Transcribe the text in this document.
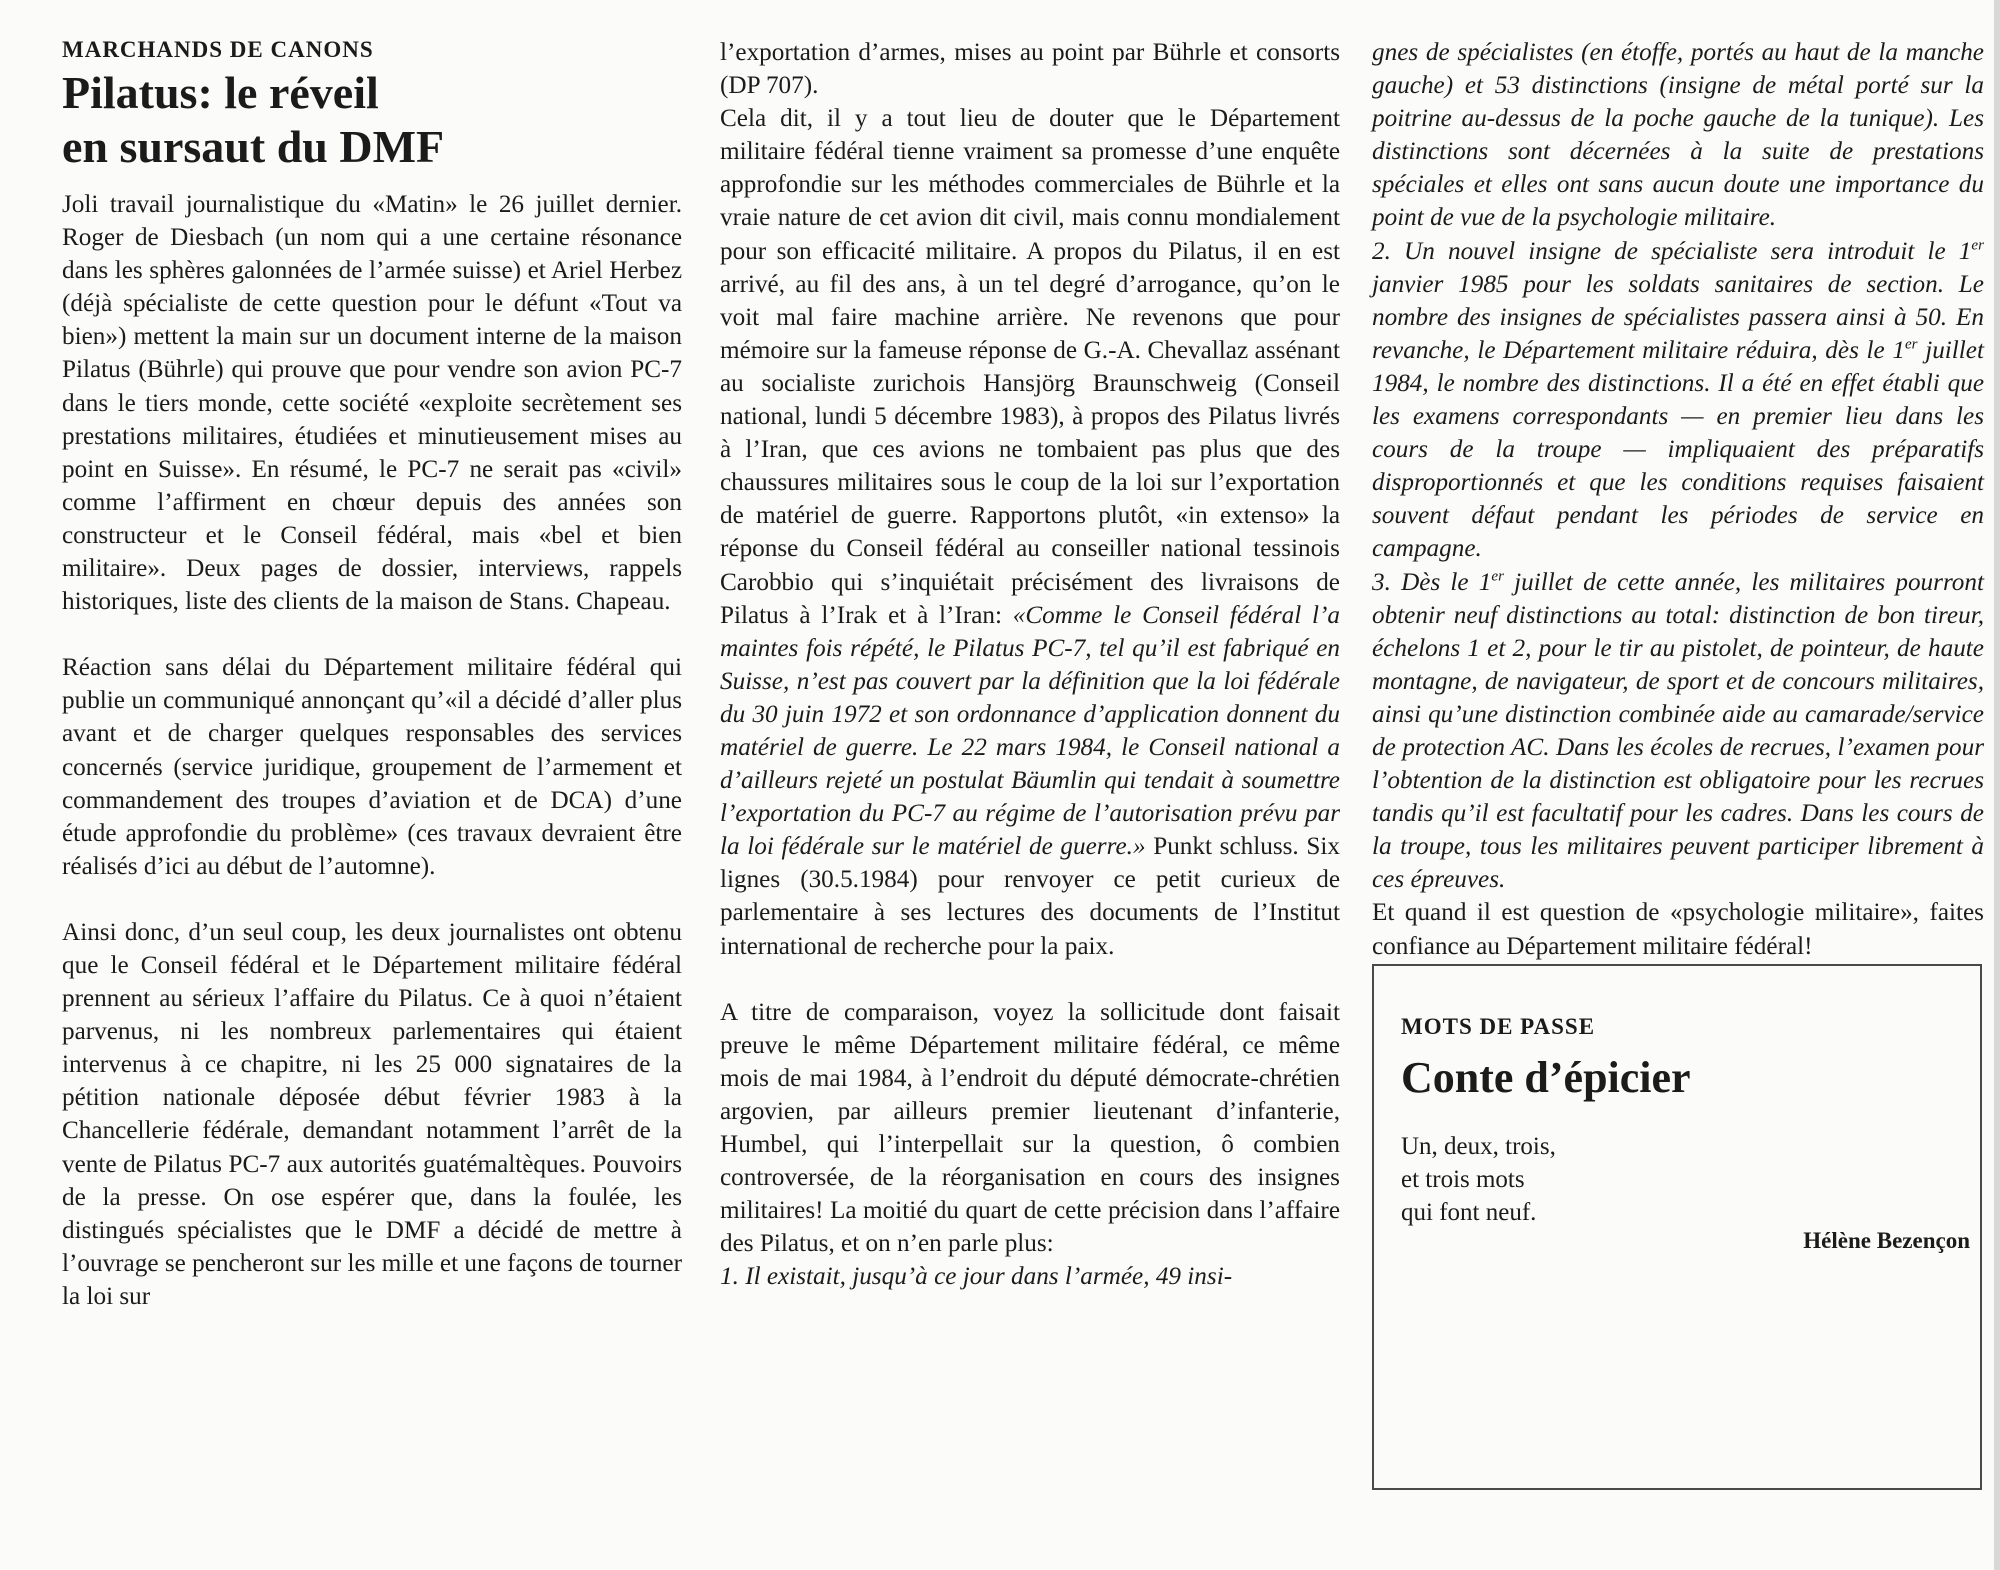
MARCHANDS DE CANONS
Pilatus: le réveil
en sursaut du DMF

Joli travail journalistique du «Matin» le 26 juillet dernier. Roger de Diesbach (un nom qui a une certaine résonance dans les sphères galonnées de l’armée suisse) et Ariel Herbez (déjà spécialiste de cette question pour le défunt «Tout va bien») mettent la main sur un document interne de la maison Pilatus (Bührle) qui prouve que pour vendre son avion PC-7 dans le tiers monde, cette société «exploite secrètement ses prestations militaires, étudiées et minutieusement mises au point en Suisse». En résumé, le PC-7 ne serait pas «civil» comme l’affirment en chœur depuis des années son constructeur et le Conseil fédéral, mais «bel et bien militaire». Deux pages de dossier, interviews, rappels historiques, liste des clients de la maison de Stans. Chapeau.

Réaction sans délai du Département militaire fédéral qui publie un communiqué annonçant qu’«il a décidé d’aller plus avant et de charger quelques responsables des services concernés (service juridique, groupement de l’armement et commandement des troupes d’aviation et de DCA) d’une étude approfondie du problème» (ces travaux devraient être réalisés d’ici au début de l’automne).

Ainsi donc, d’un seul coup, les deux journalistes ont obtenu que le Conseil fédéral et le Département militaire fédéral prennent au sérieux l’affaire du Pilatus. Ce à quoi n’étaient parvenus, ni les nombreux parlementaires qui étaient intervenus à ce chapitre, ni les 25 000 signataires de la pétition nationale déposée début février 1983 à la Chancellerie fédérale, demandant notamment l’arrêt de la vente de Pilatus PC-7 aux autorités guatémaltèques. Pouvoirs de la presse. On ose espérer que, dans la foulée, les distingués spécialistes que le DMF a décidé de mettre à l’ouvrage se pencheront sur les mille et une façons de tourner la loi sur

l’exportation d’armes, mises au point par Bührle et consorts (DP 707).

Cela dit, il y a tout lieu de douter que le Département militaire fédéral tienne vraiment sa promesse d’une enquête approfondie sur les méthodes commerciales de Bührle et la vraie nature de cet avion dit civil, mais connu mondialement pour son efficacité militaire. A propos du Pilatus, il en est arrivé, au fil des ans, à un tel degré d’arrogance, qu’on le voit mal faire machine arrière. Ne revenons que pour mémoire sur la fameuse réponse de G.-A. Chevallaz assénant au socialiste zurichois Hansjörg Braunschweig (Conseil national, lundi 5 décembre 1983), à propos des Pilatus livrés à l’Iran, que ces avions ne tombaient pas plus que des chaussures militaires sous le coup de la loi sur l’exportation de matériel de guerre. Rapportons plutôt, «in extenso» la réponse du Conseil fédéral au conseiller national tessinois Carobbio qui s’inquiétait précisément des livraisons de Pilatus à l’Irak et à l’Iran: «Comme le Conseil fédéral l’a maintes fois répété, le Pilatus PC-7, tel qu’il est fabriqué en Suisse, n’est pas couvert par la définition que la loi fédérale du 30 juin 1972 et son ordonnance d’application donnent du matériel de guerre. Le 22 mars 1984, le Conseil national a d’ailleurs rejeté un postulat Bäumlin qui tendait à soumettre l’exportation du PC-7 au régime de l’autorisation prévu par la loi fédérale sur le matériel de guerre.» Punkt schluss. Six lignes (30.5.1984) pour renvoyer ce petit curieux de parlementaire à ses lectures des documents de l’Institut international de recherche pour la paix.

A titre de comparaison, voyez la sollicitude dont faisait preuve le même Département militaire fédéral, ce même mois de mai 1984, à l’endroit du député démocrate-chrétien argovien, par ailleurs premier lieutenant d’infanterie, Humbel, qui l’interpellait sur la question, ô combien controversée, de la réorganisation en cours des insignes militaires! La moitié du quart de cette précision dans l’affaire des Pilatus, et on n’en parle plus:

1. Il existait, jusqu’à ce jour dans l’armée, 49 insi-

gnes de spécialistes (en étoffe, portés au haut de la manche gauche) et 53 distinctions (insigne de métal porté sur la poitrine au-dessus de la poche gauche de la tunique). Les distinctions sont décernées à la suite de prestations spéciales et elles ont sans aucun doute une importance du point de vue de la psychologie militaire.

2. Un nouvel insigne de spécialiste sera introduit le 1er janvier 1985 pour les soldats sanitaires de section. Le nombre des insignes de spécialistes passera ainsi à 50. En revanche, le Département militaire réduira, dès le 1er juillet 1984, le nombre des distinctions. Il a été en effet établi que les examens correspondants — en premier lieu dans les cours de la troupe — impliquaient des préparatifs disproportionnés et que les conditions requises faisaient souvent défaut pendant les périodes de service en campagne.

3. Dès le 1er juillet de cette année, les militaires pourront obtenir neuf distinctions au total: distinction de bon tireur, échelons 1 et 2, pour le tir au pistolet, de pointeur, de haute montagne, de navigateur, de sport et de concours militaires, ainsi qu’une distinction combinée aide au camarade/service de protection AC. Dans les écoles de recrues, l’examen pour l’obtention de la distinction est obligatoire pour les recrues tandis qu’il est facultatif pour les cadres. Dans les cours de la troupe, tous les militaires peuvent participer librement à ces épreuves.

Et quand il est question de «psychologie militaire», faites confiance au Département militaire fédéral!

MOTS DE PASSE
Conte d’épicier
Un, deux, trois,
et trois mots
qui font neuf.
Hélène Bezençon
